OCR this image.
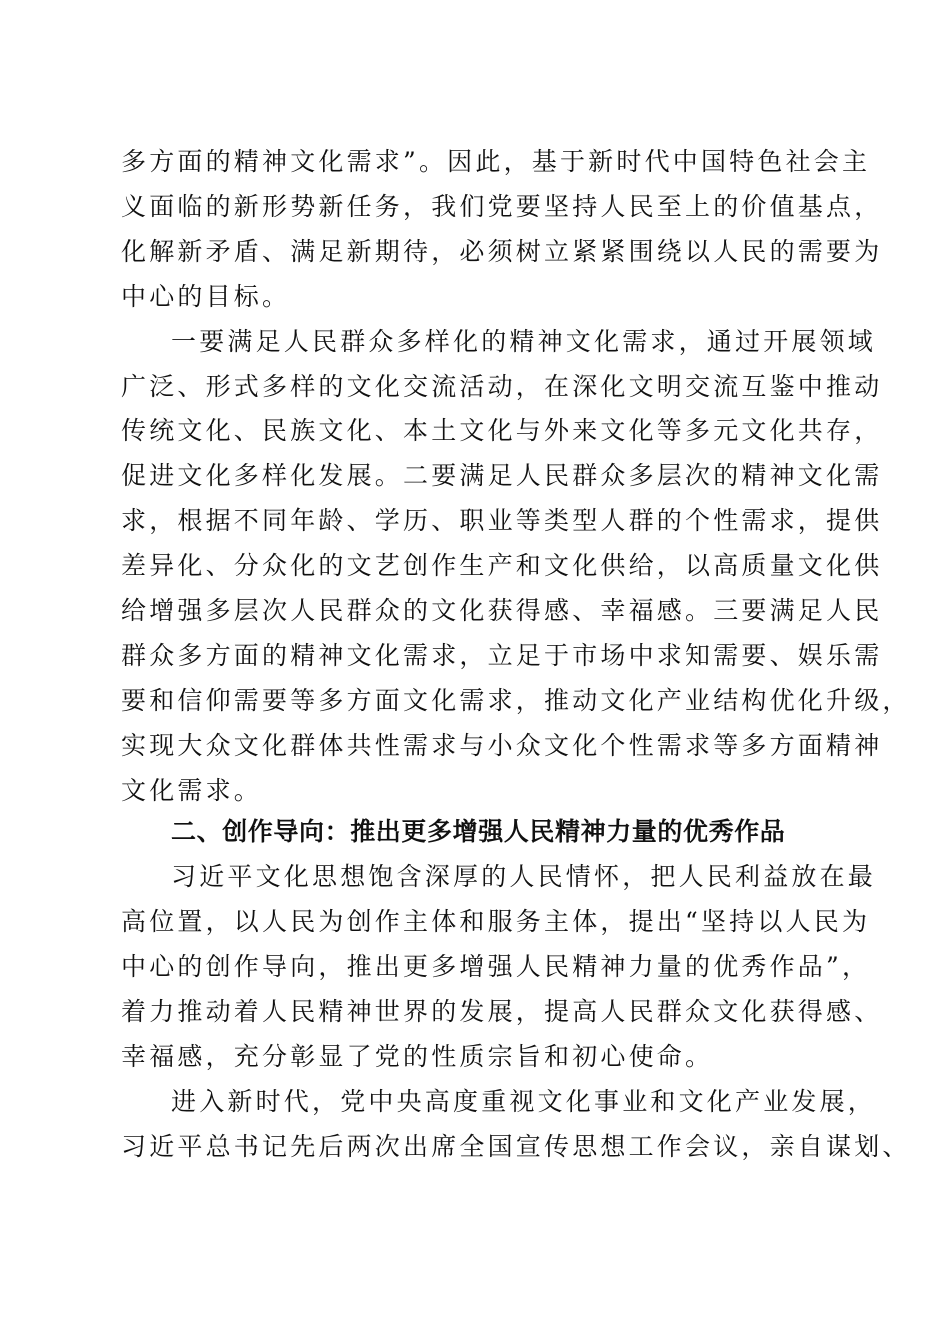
多方面的精神文化需求”。因此，基于新时代中国特色社会主
义面临的新形势新任务，我们党要坚持人民至上的价值基点，
化解新矛盾、满足新期待，必须树立紧紧围绕以人民的需要为
中心的目标。
一要满足人民群众多样化的精神文化需求，通过开展领域
广泛、形式多样的文化交流活动，在深化文明交流互鉴中推动
传统文化、民族文化、本土文化与外来文化等多元文化共存，
促进文化多样化发展。二要满足人民群众多层次的精神文化需
求，根据不同年龄、学历、职业等类型人群的个性需求，提供
差异化、分众化的文艺创作生产和文化供给，以高质量文化供
给增强多层次人民群众的文化获得感、幸福感。三要满足人民
群众多方面的精神文化需求，立足于市场中求知需要、娱乐需
要和信仰需要等多方面文化需求，推动文化产业结构优化升级，
实现大众文化群体共性需求与小众文化个性需求等多方面精神
文化需求。
二、创作导向：推出更多增强人民精神力量的优秀作品
习近平文化思想饱含深厚的人民情怀，把人民利益放在最
高位置，以人民为创作主体和服务主体，提出“坚持以人民为
中心的创作导向，推出更多增强人民精神力量的优秀作品”，
着力推动着人民精神世界的发展，提高人民群众文化获得感、
幸福感，充分彰显了党的性质宗旨和初心使命。
进入新时代，党中央高度重视文化事业和文化产业发展，
习近平总书记先后两次出席全国宣传思想工作会议，亲自谋划、
